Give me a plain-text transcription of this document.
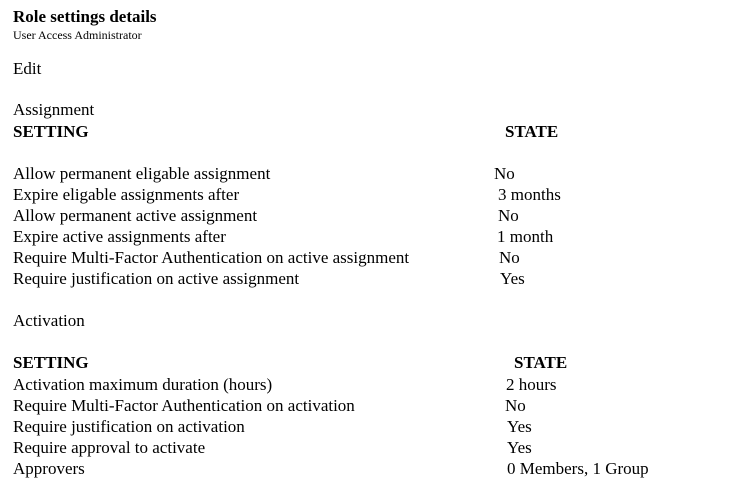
Role settings details
User Access Administrator
Edit
Assignment
SETTING	STATE
Allow permanent eligable assignment	No
Expire eligable assignments after	3 months
Allow permanent active assignment	No
Expire active assignments after	1 month
Require Multi-Factor Authentication on active assignment	No
Require justification on active assignment	Yes
Activation
SETTING	STATE
Activation maximum duration (hours)	2 hours
Require Multi-Factor Authentication on activation	No
Require justification on activation	Yes
Require approval to activate	Yes
Approvers	0 Members, 1 Group
